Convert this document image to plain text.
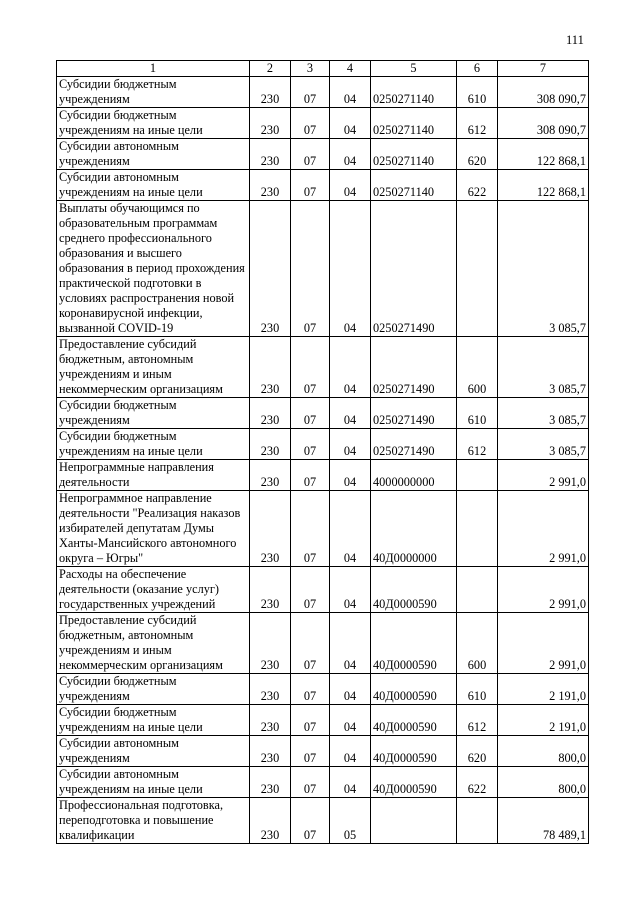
111
1	2	3	4	5	6	7
Субсидии бюджетным учреждениям	230	07	04	0250271140	610	308 090,7
Субсидии бюджетным учреждениям на иные цели	230	07	04	0250271140	612	308 090,7
Субсидии автономным учреждениям	230	07	04	0250271140	620	122 868,1
Субсидии автономным учреждениям на иные цели	230	07	04	0250271140	622	122 868,1
Выплаты обучающимся по образовательным программам среднего профессионального образования и высшего образования в период прохождения практической подготовки в условиях распространения новой коронавирусной инфекции, вызванной COVID-19	230	07	04	0250271490		3 085,7
Предоставление субсидий бюджетным, автономным учреждениям и иным некоммерческим организациям	230	07	04	0250271490	600	3 085,7
Субсидии бюджетным учреждениям	230	07	04	0250271490	610	3 085,7
Субсидии бюджетным учреждениям на иные цели	230	07	04	0250271490	612	3 085,7
Непрограммные направления деятельности	230	07	04	4000000000		2 991,0
Непрограммное направление деятельности "Реализация наказов избирателей депутатам Думы Ханты-Мансийского автономного округа – Югры"	230	07	04	40Д0000000		2 991,0
Расходы на обеспечение деятельности (оказание услуг) государственных учреждений	230	07	04	40Д0000590		2 991,0
Предоставление субсидий бюджетным, автономным учреждениям и иным некоммерческим организациям	230	07	04	40Д0000590	600	2 991,0
Субсидии бюджетным учреждениям	230	07	04	40Д0000590	610	2 191,0
Субсидии бюджетным учреждениям на иные цели	230	07	04	40Д0000590	612	2 191,0
Субсидии автономным учреждениям	230	07	04	40Д0000590	620	800,0
Субсидии автономным учреждениям на иные цели	230	07	04	40Д0000590	622	800,0
Профессиональная подготовка, переподготовка и повышение квалификации	230	07	05			78 489,1
